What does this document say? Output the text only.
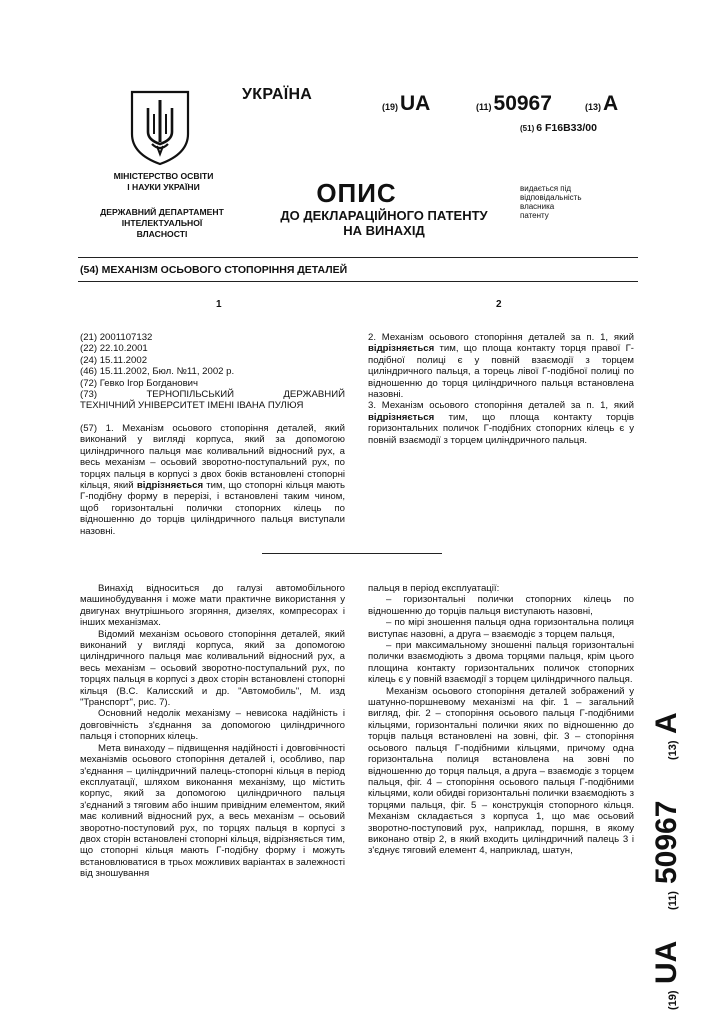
МІНІСТЕРСТВО ОСВІТИ
І НАУКИ УКРАЇНИ
ДЕРЖАВНИЙ ДЕПАРТАМЕНТ
ІНТЕЛЕКТУАЛЬНОЇ
ВЛАСНОСТІ
УКРАЇНА
(19)UA	(11)50967	(13)A
(51) 6 F16B33/00
ОПИС
ДО ДЕКЛАРАЦІЙНОГО ПАТЕНТУ
НА ВИНАХІД
видається під
відповідальність
власника
патенту
(54) МЕХАНІЗМ ОСЬОВОГО СТОПОРІННЯ ДЕТАЛЕЙ
1	2
(21) 2001107132
(22) 22.10.2001
(24) 15.11.2002
(46) 15.11.2002, Бюл. №11, 2002 р.
(72) Гевко Ігор Богданович
(73)	ТЕРНОПІЛЬСЬКИЙ	ДЕРЖАВНИЙ
ТЕХНІЧНИЙ УНІВЕРСИТЕТ ІМЕНІ ІВАНА ПУЛЮЯ

(57) 1. Механізм осьового стопоріння деталей, який виконаний у вигляді корпуса, який за допомогою циліндричного пальця має коливальний відносний рух, а весь механізм – осьовий зворотно-поступальний рух, по торцях пальця в корпусі з двох боків встановлені стопорні кільця, який відрізняється тим, що стопорні кільця мають Г-подібну форму в перерізі, і встановлені таким чином, щоб горизонтальні полички стопорних кілець по відношенню до торців циліндричного пальця виступали назовні.

2. Механізм осьового стопоріння деталей за п. 1, який відрізняється тим, що площа контакту торця правої Г-подібної полиці є у повній взаємодії з торцем циліндричного пальця, а торець лівої Г-подібної полиці по відношенню до торця циліндричного пальця встановлена назовні.

3. Механізм осьового стопоріння деталей за п. 1, який відрізняється тим, що площа контакту торців горизонтальних поличок Г-подібних стопорних кілець є у повній взаємодії з торцем циліндричного пальця.

Винахід відноситься до галузі автомобільного машинобудування і може мати практичне використання у двигунах внутрішнього згоряння, дизелях, компресорах і інших механізмах.

Відомий механізм осьового стопоріння деталей, який виконаний у вигляді корпуса, який за допомогою циліндричного пальця має коливальний відносний рух, а весь механізм – осьовий зворотно-поступальний рух, по торцях пальця в корпусі з двох сторін встановлені стопорні кільця (В.С. Калисский и др. "Автомобиль", М. изд "Транспорт", рис. 7).

Основний недолік механізму – невисока надійність і довговічність з'єднання за допомогою циліндричного пальця і стопорних кілець.

Мета винаходу – підвищення надійності і довговічності механізмів осьового стопоріння деталей і, особливо, пар з'єднання – циліндричний палець-стопорні кільця в період експлуатації, шляхом виконання механізму, що містить корпус, який за допомогою циліндричного пальця з'єднаний з тяговим або іншим привідним елементом, який має коливний відносний рух, а весь механізм – осьовий зворотно-поступовий рух, по торцях пальця в корпусі з двох сторін встановлені стопорні кільця, відрізняється тим, що стопорні кільця мають Г-подібну форму і можуть встановлюватися в трьох можливих варіантах в залежності від зношування

пальця в період експлуатації:

– горизонтальні полички стопорних кілець по відношенню до торців пальця виступають назовні,

– по мірі зношення пальця одна горизонтальна полиця виступає назовні, а друга – взаємодіє з торцем пальця,

– при максимальному зношенні пальця горизонтальні полички взаємодіють з двома торцями пальця, крім цього площина контакту горизонтальних поличок стопорних кілець є у повній взаємодії з торцем циліндричного пальця.

Механізм осьового стопоріння деталей зображений у шатунно-поршневому механізмі на фіг. 1 – загальний вигляд, фіг. 2 – стопоріння осьового пальця Г-подібними кільцями, горизонтальні полички яких по відношенню до торців пальця встановлені на зовні, фіг. 3 – стопоріння осьового пальця Г-подібними кільцями, причому одна горизонтальна полиця встановлена на зовні по відношенню до торця пальця, а друга – взаємодіє з торцем пальця, фіг. 4 – стопоріння осьового пальця Г-подібними кільцями, коли обидві горизонтальні полички взаємодіють з торцями пальця, фіг. 5 – конструкція стопорного кільця. Механізм складається з корпуса 1, що має осьовий зворотно-поступовий рух, наприклад, поршня, в якому виконано отвір 2, в який входить циліндричний палець 3 і з'єднує тяговий елемент 4, наприклад, шатун,

(19)
UA
(11)
50967
(13)
A
